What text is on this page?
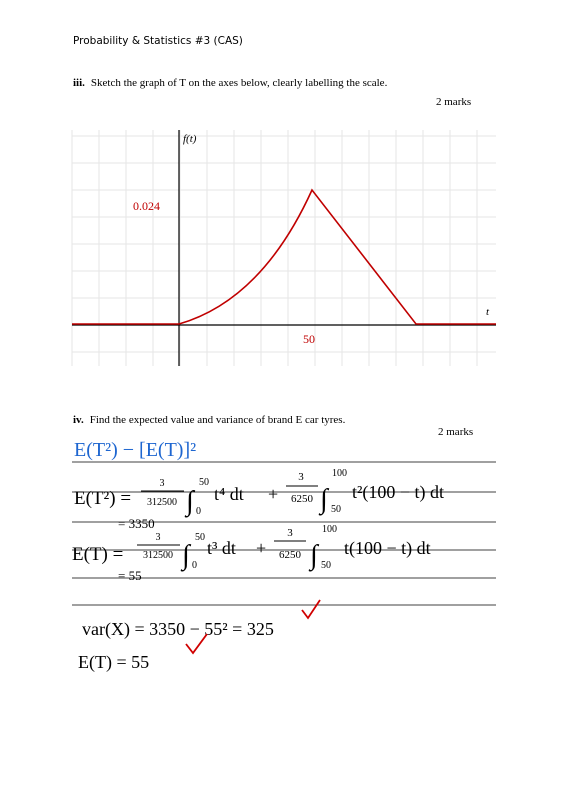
Probability & Statistics #3 (CAS)
iii. Sketch the graph of T on the axes below, clearly labelling the scale.
2 marks
f(t)
t
0.024
50
iv. Find the expected value and variance of brand E car tyres.
2 marks
E(T²) − [E(T)]²
E(T²) =
3
312500 ∫
50
0
t⁴ dt +
3
6250 ∫
100
50
t²(100 − t) dt
= 3350
E(T) =
3
312500 ∫
50
0
t³ dt +
3
6250 ∫
100
50
t(100 − t) dt
= 55
var(X) = 3350 − 55² = 325
E(T) = 55
